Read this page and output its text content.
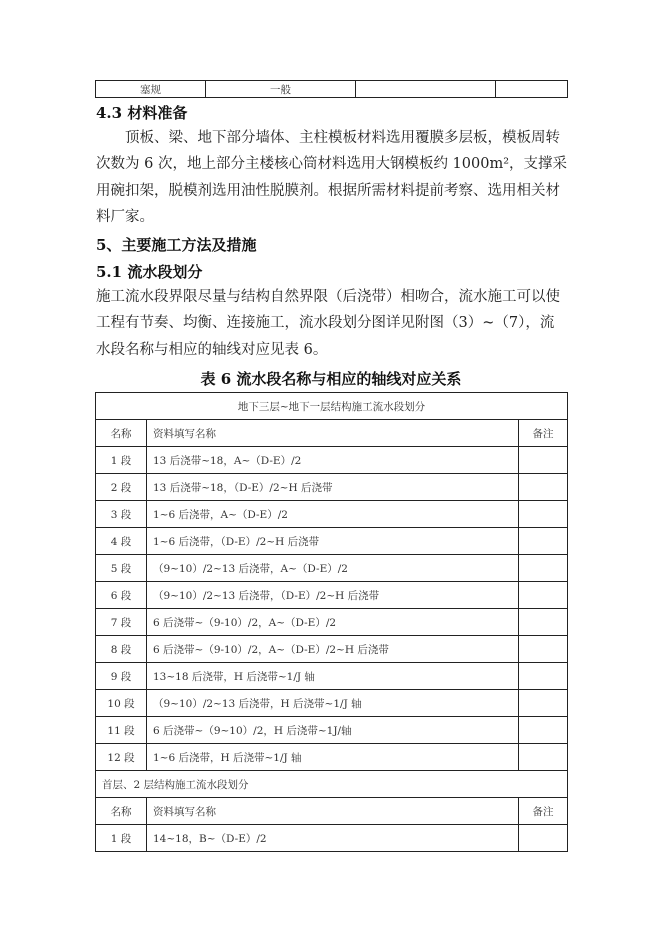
塞规	一般		
4.3 材料准备
顶板、梁、地下部分墙体、主柱模板材料选用覆膜多层板，模板周转次数为 6 次，地上部分主楼核心筒材料选用大钢模板约 1000m²，支撑采用碗扣架，脱模剂选用油性脱膜剂。根据所需材料提前考察、选用相关材料厂家。
5、主要施工方法及措施
5.1 流水段划分
施工流水段界限尽量与结构自然界限（后浇带）相吻合，流水施工可以使工程有节奏、均衡、连接施工，流水段划分图详见附图（3）~（7），流水段名称与相应的轴线对应见表 6。
表 6 流水段名称与相应的轴线对应关系
地下三层~地下一层结构施工流水段划分		
名称	资料填写名称	备注
1 段	13 后浇带~18，A~（D-E）/2	
2 段	13 后浇带~18，（D-E）/2~H 后浇带	
3 段	1~6 后浇带，A~（D-E）/2	
4 段	1~6 后浇带，（D-E）/2~H 后浇带	
5 段	（9~10）/2~13 后浇带，A~（D-E）/2	
6 段	（9~10）/2~13 后浇带，（D-E）/2~H 后浇带	
7 段	6 后浇带~（9-10）/2，A~（D-E）/2	
8 段	6 后浇带~（9-10）/2，A~（D-E）/2~H 后浇带	
9 段	13~18 后浇带，H 后浇带~1/J 轴	
10 段	（9~10）/2~13 后浇带，H 后浇带~1/J 轴	
11 段	6 后浇带~（9~10）/2，H 后浇带~1J/轴	
12 段	1~6 后浇带，H 后浇带~1/J 轴	
首层、2 层结构施工流水段划分		
名称	资料填写名称	备注
1 段	14~18，B~（D-E）/2	
